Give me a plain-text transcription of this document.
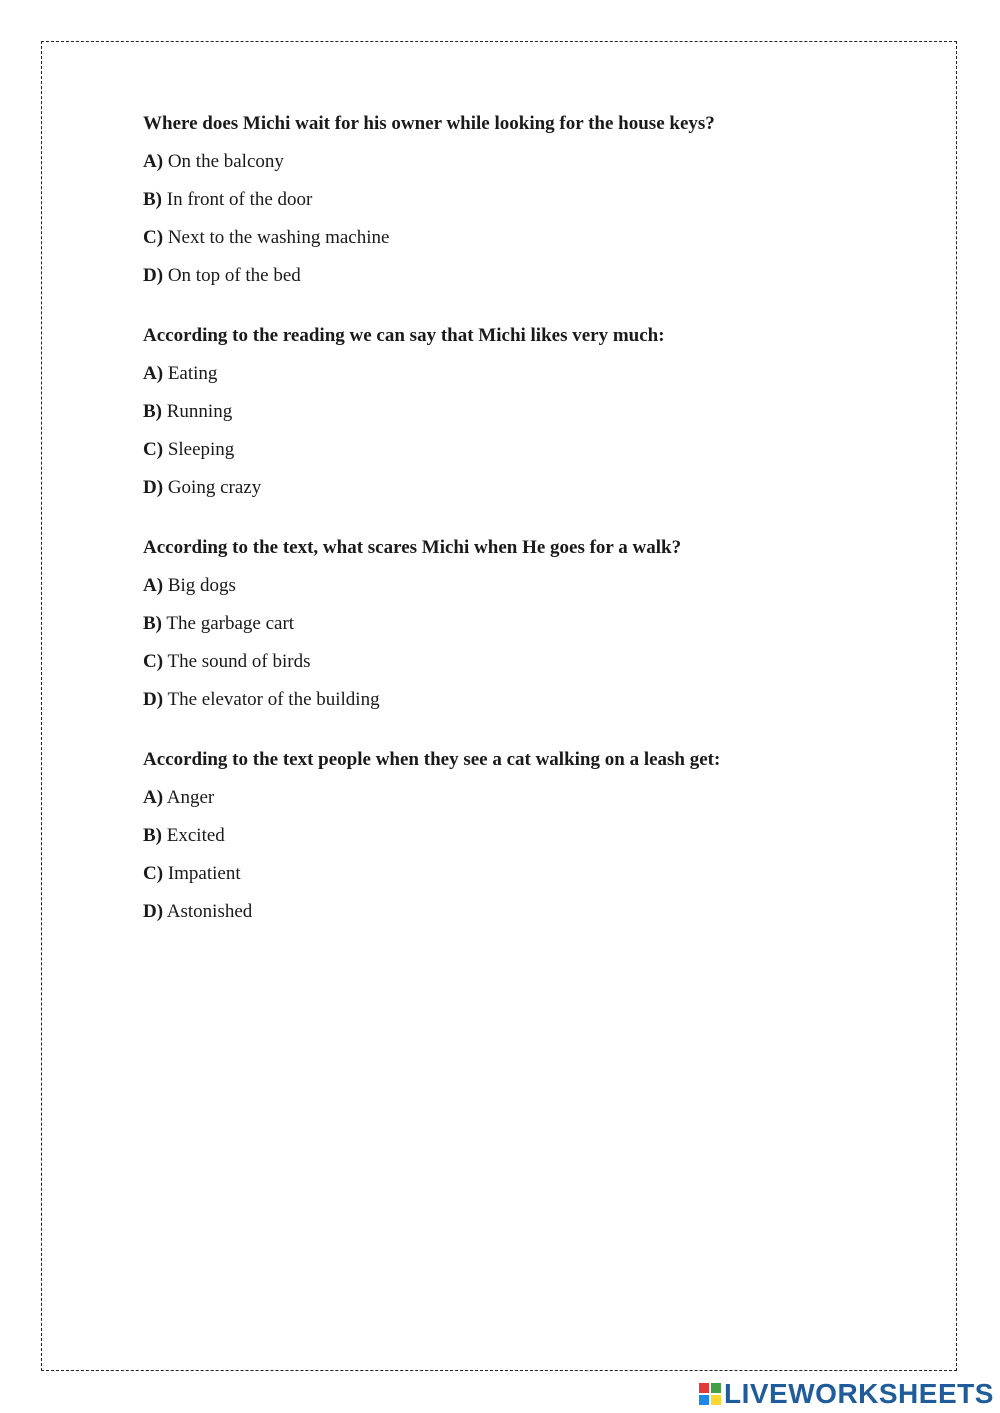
Where does Michi wait for his owner while looking for the house keys?
A) On the balcony
B) In front of the door
C) Next to the washing machine
D) On top of the bed
According to the reading we can say that Michi likes very much:
A) Eating
B) Running
C) Sleeping
D) Going crazy
According to the text, what scares Michi when He goes for a walk?
A) Big dogs
B) The garbage cart
C) The sound of birds
D) The elevator of the building
According to the text people when they see a cat walking on a leash get:
A) Anger
B) Excited
C) Impatient
D) Astonished
LIVEWORKSHEETS
